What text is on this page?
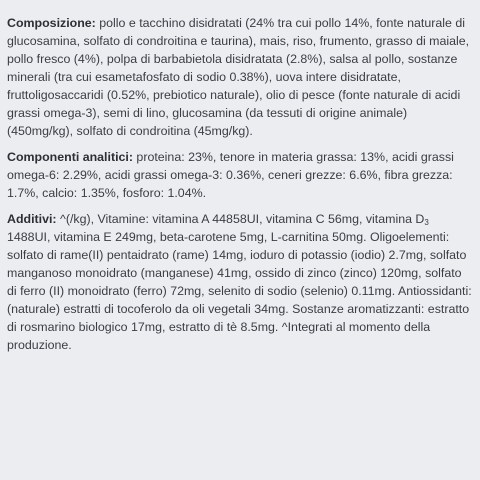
Composizione: pollo e tacchino disidratati (24% tra cui pollo 14%, fonte naturale di glucosamina, solfato di condroitina e taurina), mais, riso, frumento, grasso di maiale, pollo fresco (4%), polpa di barbabietola disidratata (2.8%), salsa al pollo, sostanze minerali (tra cui esametafosfato di sodio 0.38%), uova intere disidratate, fruttoligosaccaridi (0.52%, prebiotico naturale), olio di pesce (fonte naturale di acidi grassi omega-3), semi di lino, glucosamina (da tessuti di origine animale) (450mg/kg), solfato di condroitina (45mg/kg).

Componenti analitici: proteina: 23%, tenore in materia grassa: 13%, acidi grassi omega-6: 2.29%, acidi grassi omega-3: 0.36%, ceneri grezze: 6.6%, fibra grezza: 1.7%, calcio: 1.35%, fosforo: 1.04%.

Additivi: ^(/kg), Vitamine: vitamina A 44858UI, vitamina C 56mg, vitamina $D_3$ 1488UI, vitamina E 249mg, beta-carotene 5mg, L-carnitina 50mg. Oligoelementi: solfato di rame(II) pentaidrato (rame) 14mg, ioduro di potassio (iodio) 2.7mg, solfato manganoso monoidrato (manganese) 41mg, ossido di zinco (zinco) 120mg, solfato di ferro (II) monoidrato (ferro) 72mg, selenito di sodio (selenio) 0.11mg. Antiossidanti: (naturale) estratti di tocoferolo da oli vegetali 34mg. Sostanze aromatizzanti: estratto di rosmarino biologico 17mg, estratto di tè 8.5mg. ^Integrati al momento della produzione.
